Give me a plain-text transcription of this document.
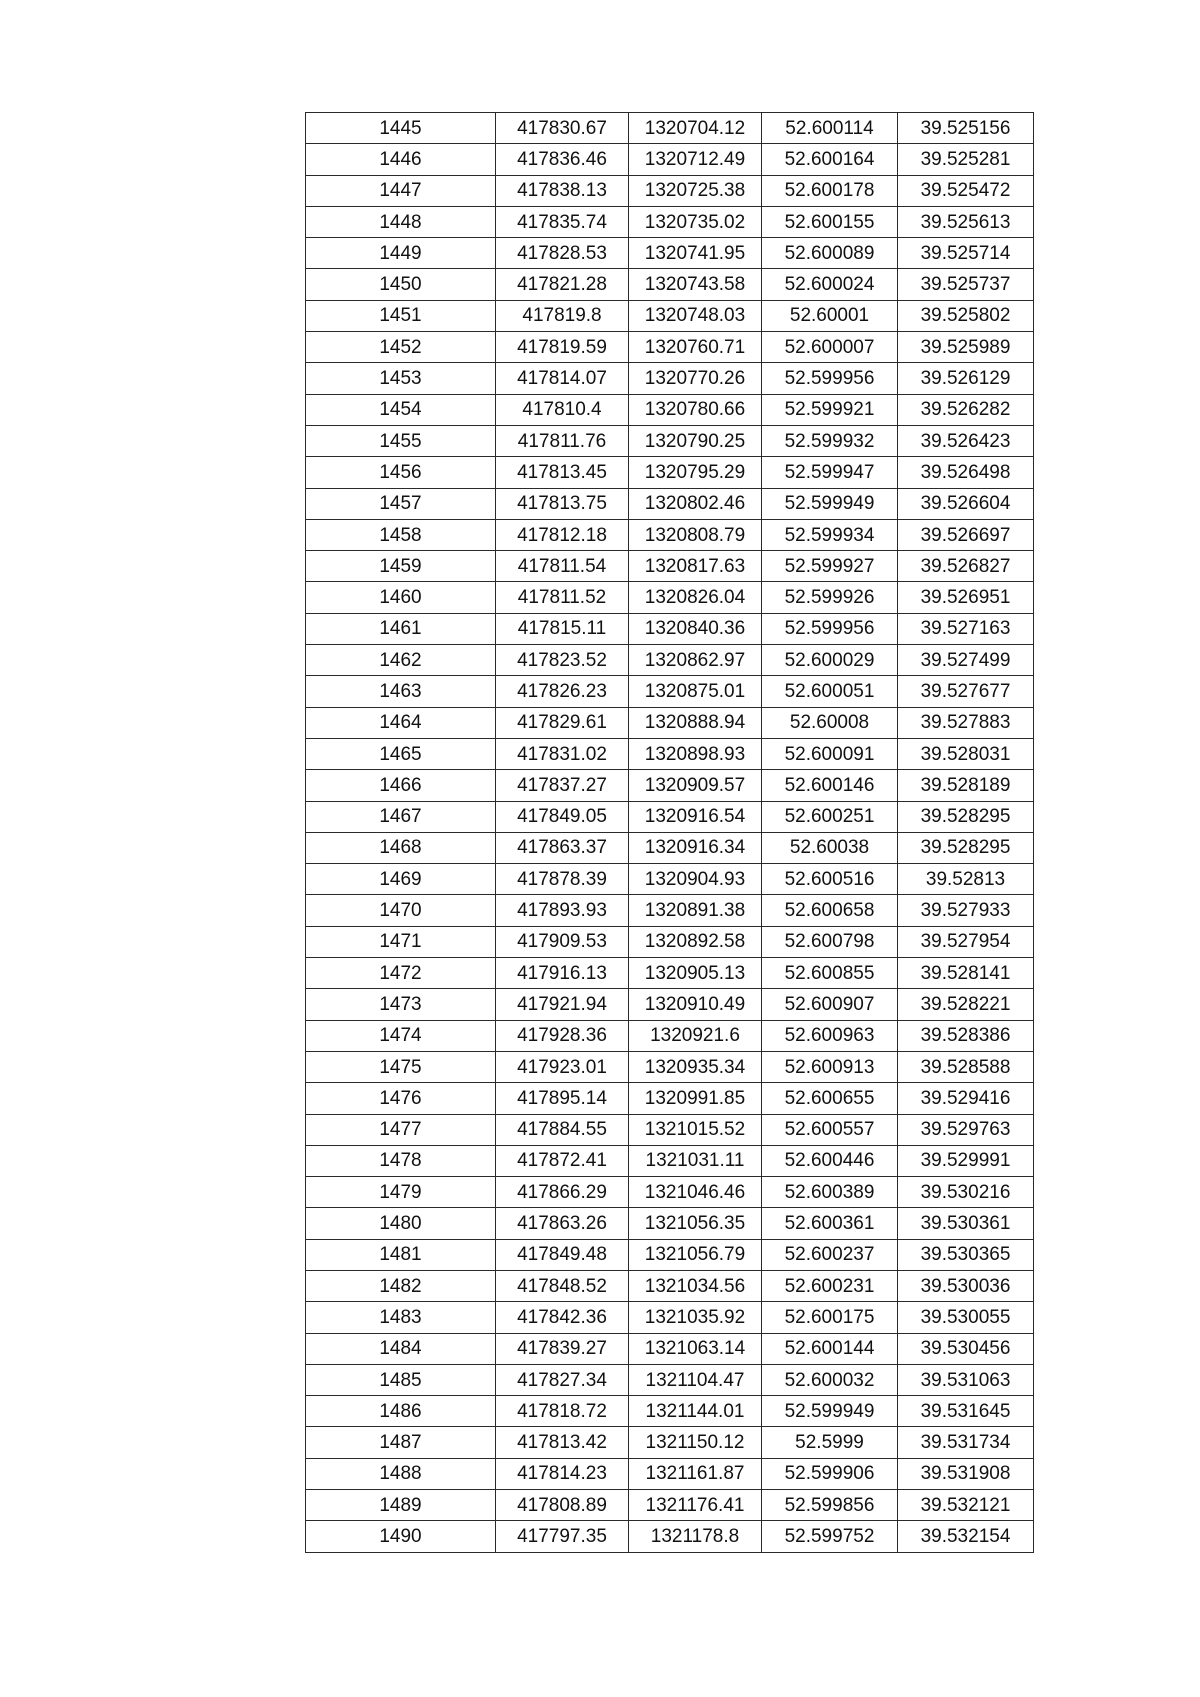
1445	417830.67	1320704.12	52.600114	39.525156
1446	417836.46	1320712.49	52.600164	39.525281
1447	417838.13	1320725.38	52.600178	39.525472
1448	417835.74	1320735.02	52.600155	39.525613
1449	417828.53	1320741.95	52.600089	39.525714
1450	417821.28	1320743.58	52.600024	39.525737
1451	417819.8	1320748.03	52.60001	39.525802
1452	417819.59	1320760.71	52.600007	39.525989
1453	417814.07	1320770.26	52.599956	39.526129
1454	417810.4	1320780.66	52.599921	39.526282
1455	417811.76	1320790.25	52.599932	39.526423
1456	417813.45	1320795.29	52.599947	39.526498
1457	417813.75	1320802.46	52.599949	39.526604
1458	417812.18	1320808.79	52.599934	39.526697
1459	417811.54	1320817.63	52.599927	39.526827
1460	417811.52	1320826.04	52.599926	39.526951
1461	417815.11	1320840.36	52.599956	39.527163
1462	417823.52	1320862.97	52.600029	39.527499
1463	417826.23	1320875.01	52.600051	39.527677
1464	417829.61	1320888.94	52.60008	39.527883
1465	417831.02	1320898.93	52.600091	39.528031
1466	417837.27	1320909.57	52.600146	39.528189
1467	417849.05	1320916.54	52.600251	39.528295
1468	417863.37	1320916.34	52.60038	39.528295
1469	417878.39	1320904.93	52.600516	39.52813
1470	417893.93	1320891.38	52.600658	39.527933
1471	417909.53	1320892.58	52.600798	39.527954
1472	417916.13	1320905.13	52.600855	39.528141
1473	417921.94	1320910.49	52.600907	39.528221
1474	417928.36	1320921.6	52.600963	39.528386
1475	417923.01	1320935.34	52.600913	39.528588
1476	417895.14	1320991.85	52.600655	39.529416
1477	417884.55	1321015.52	52.600557	39.529763
1478	417872.41	1321031.11	52.600446	39.529991
1479	417866.29	1321046.46	52.600389	39.530216
1480	417863.26	1321056.35	52.600361	39.530361
1481	417849.48	1321056.79	52.600237	39.530365
1482	417848.52	1321034.56	52.600231	39.530036
1483	417842.36	1321035.92	52.600175	39.530055
1484	417839.27	1321063.14	52.600144	39.530456
1485	417827.34	1321104.47	52.600032	39.531063
1486	417818.72	1321144.01	52.599949	39.531645
1487	417813.42	1321150.12	52.5999	39.531734
1488	417814.23	1321161.87	52.599906	39.531908
1489	417808.89	1321176.41	52.599856	39.532121
1490	417797.35	1321178.8	52.599752	39.532154
